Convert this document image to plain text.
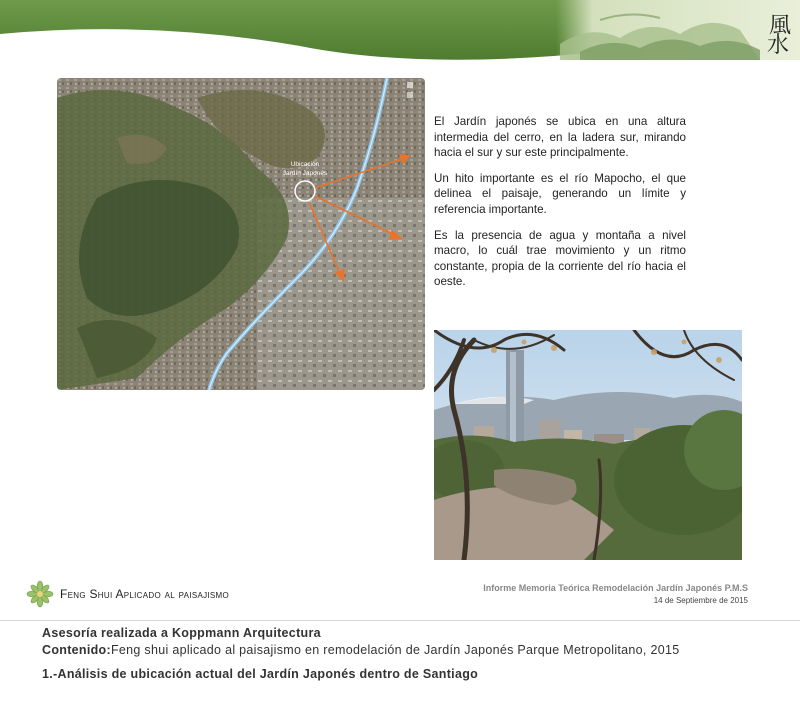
風
水
Ubicación
Jardín Japonés

El Jardín japonés se ubica en una altura intermedia del cerro, en la ladera sur, mirando hacia el sur y sur este principalmente.

Un hito importante es el río Mapocho, el que delinea el paisaje, generando un límite y referencia importante.

Es la presencia de agua y montaña a nivel macro, lo cuál trae movimiento y un ritmo constante, propia de la corriente del río hacia el oeste.

Feng Shui Aplicado al paisajismo	Informe Memoria Teórica Remodelación Jardín Japonés P.M.S
14 de Septiembre de 2015
Asesoría realizada a Koppmann Arquitectura
Contenido:Feng shui aplicado al paisajismo en remodelación de Jardín Japonés Parque Metropolitano, 2015
1.-Análisis de ubicación actual del Jardín Japonés dentro de Santiago
